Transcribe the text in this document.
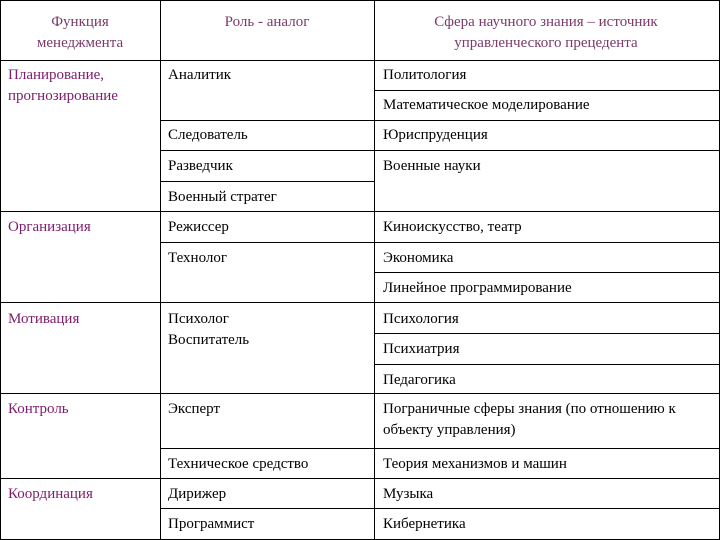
Функция
менеджмента
Роль - аналог	Сфера научного знания – источник
управленческого прецедента
Планирование,
прогнозирование
Организация
Мотивация
Контроль
Координация
Аналитик
Следователь
Разведчик
Военный стратег
Режиссер
Технолог
Психолог
Воспитатель
Эксперт
Техническое средство
Дирижер
Программист
Политология
Математическое моделирование
Юриспруденция
Военные науки
Киноискусство, театр
Экономика
Линейное программирование
Психология
Психиатрия
Педагогика
Пограничные сферы знания (по отношению к объекту управления)
Теория механизмов и машин
Музыка
Кибернетика
